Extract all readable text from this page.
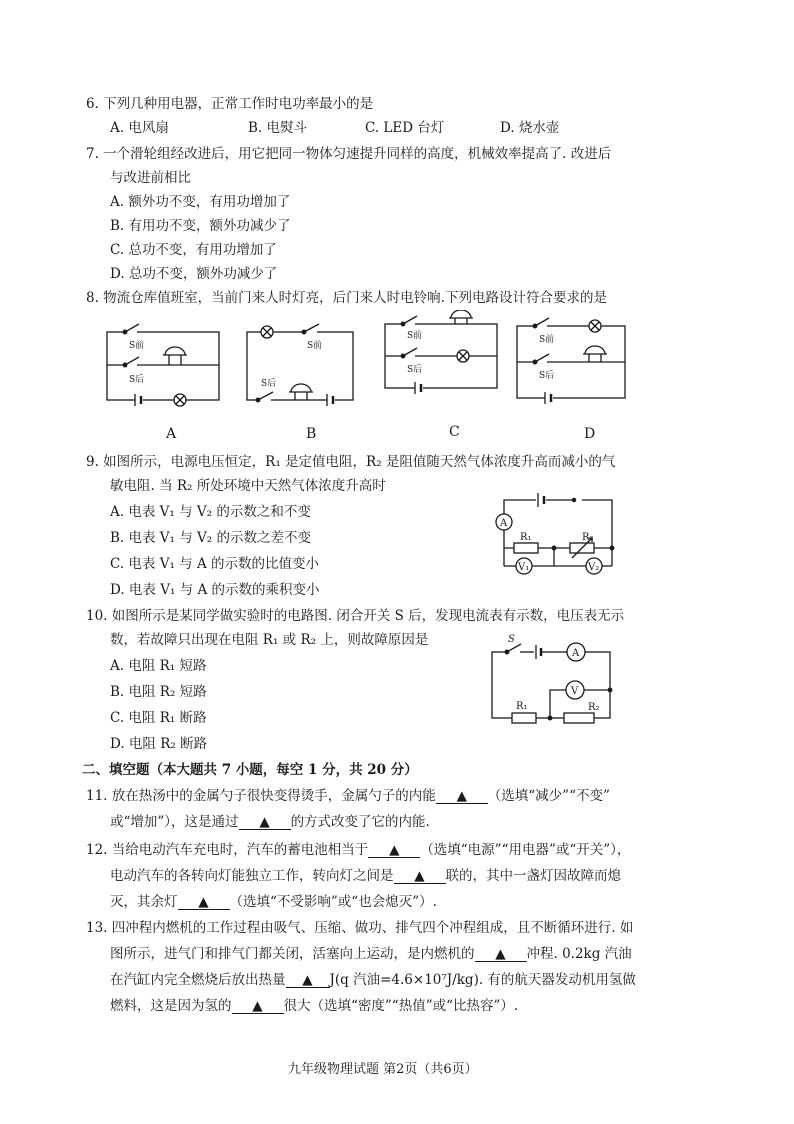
6. 下列几种用电器，正常工作时电功率最小的是
A. 电风扇	B. 电熨斗	C. LED 台灯	D. 烧水壶
7. 一个滑轮组经改进后，用它把同一物体匀速提升同样的高度，机械效率提高了. 改进后
与改进前相比
A. 额外功不变，有用功增加了
B. 有用功不变，额外功减少了
C. 总功不变，有用功增加了
D. 总功不变，额外功减少了
8. 物流仓库值班室，当前门来人时灯亮，后门来人时电铃响.下列电路设计符合要求的是
S前
S后
S前
S后
S前
S后
S前
S后
A	B	C	D
9. 如图所示，电源电压恒定，R₁ 是定值电阻，R₂ 是阻值随天然气体浓度升高而减小的气
敏电阻. 当 R₂ 所处环境中天然气体浓度升高时
A. 电表 V₁ 与 V₂ 的示数之和不变
B. 电表 V₁ 与 V₂ 的示数之差不变
C. 电表 V₁ 与 A 的示数的比值变小
D. 电表 V₁ 与 A 的示数的乘积变小
A
R₁	R₂
V₁	V₂
10. 如图所示是某同学做实验时的电路图. 闭合开关 S 后，发现电流表有示数，电压表无示
数，若故障只出现在电阻 R₁ 或 R₂ 上，则故障原因是
A. 电阻 R₁ 短路
B. 电阻 R₂ 短路
C. 电阻 R₁ 断路
D. 电阻 R₂ 断路
S
A
V
R₁	R₂
二、填空题（本大题共 7 小题，每空 1 分，共 20 分）
11. 放在热汤中的金属勺子很快变得烫手，金属勺子的内能 ▲ （选填“减少”“不变”
或“增加”），这是通过 ▲ 的方式改变了它的内能.
12. 当给电动汽车充电时，汽车的蓄电池相当于 ▲ （选填“电源”“用电器”或“开关”），
电动汽车的各转向灯能独立工作，转向灯之间是 ▲ 联的，其中一盏灯因故障而熄
灭，其余灯 ▲ （选填“不受影响”或“也会熄灭”）.
13. 四冲程内燃机的工作过程由吸气、压缩、做功、排气四个冲程组成，且不断循环进行. 如
图所示，进气门和排气门都关闭，活塞向上运动，是内燃机的 ▲ 冲程. 0.2kg 汽油
在汽缸内完全燃烧后放出热量 ▲ J(q 汽油=4.6×10⁷J/kg). 有的航天器发动机用氢做
燃料，这是因为氢的 ▲ 很大（选填“密度”“热值”或“比热容”）.
九年级物理试题 第2页（共6页）
